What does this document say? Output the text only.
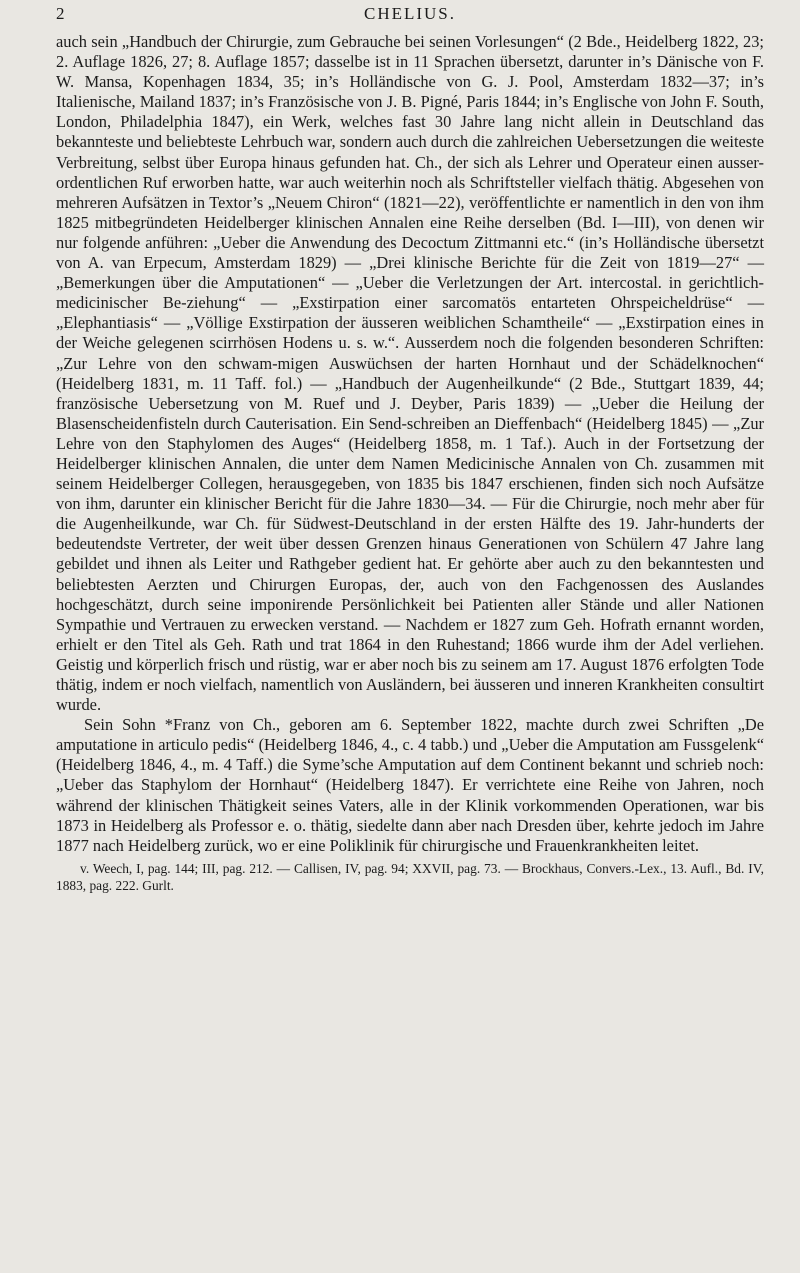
2	CHELIUS.

auch sein „Handbuch der Chirurgie, zum Gebrauche bei seinen Vorlesungen“ (2 Bde., Heidelberg 1822, 23; 2. Auflage 1826, 27; 8. Auflage 1857; dasselbe ist in 11 Sprachen übersetzt, darunter in’s Dänische von F. W. Mansa, Kopenhagen 1834, 35; in’s Holländische von G. J. Pool, Amsterdam 1832—37; in’s Italienische, Mailand 1837; in’s Französische von J. B. Pigné, Paris 1844; in’s Englische von John F. South, London, Philadelphia 1847), ein Werk, welches fast 30 Jahre lang nicht allein in Deutschland das bekannteste und beliebteste Lehrbuch war, sondern auch durch die zahlreichen Uebersetzungen die weiteste Verbreitung, selbst über Europa hinaus gefunden hat. Ch., der sich als Lehrer und Operateur einen ausser-ordentlichen Ruf erworben hatte, war auch weiterhin noch als Schriftsteller vielfach thätig. Abgesehen von mehreren Aufsätzen in Textor’s „Neuem Chiron“ (1821—22), veröffentlichte er namentlich in den von ihm 1825 mitbegründeten Heidelberger klinischen Annalen eine Reihe derselben (Bd. I—III), von denen wir nur folgende anführen: „Ueber die Anwendung des Decoctum Zittmanni etc.“ (in’s Holländische übersetzt von A. van Erpecum, Amsterdam 1829) — „Drei klinische Berichte für die Zeit von 1819—27“ — „Bemerkungen über die Amputationen“ — „Ueber die Verletzungen der Art. intercostal. in gerichtlich-medicinischer Be-ziehung“ — „Exstirpation einer sarcomatös entarteten Ohrspeicheldrüse“ — „Elephantiasis“ — „Völlige Exstirpation der äusseren weiblichen Schamtheile“ — „Exstirpation eines in der Weiche gelegenen scirrhösen Hodens u. s. w.“. Ausserdem noch die folgenden besonderen Schriften: „Zur Lehre von den schwam-migen Auswüchsen der harten Hornhaut und der Schädelknochen“ (Heidelberg 1831, m. 11 Taff. fol.) — „Handbuch der Augenheilkunde“ (2 Bde., Stuttgart 1839, 44; französische Uebersetzung von M. Ruef und J. Deyber, Paris 1839) — „Ueber die Heilung der Blasenscheidenfisteln durch Cauterisation. Ein Send-schreiben an Dieffenbach“ (Heidelberg 1845) — „Zur Lehre von den Staphylomen des Auges“ (Heidelberg 1858, m. 1 Taf.). Auch in der Fortsetzung der Heidelberger klinischen Annalen, die unter dem Namen Medicinische Annalen von Ch. zusammen mit seinem Heidelberger Collegen, herausgegeben, von 1835 bis 1847 erschienen, finden sich noch Aufsätze von ihm, darunter ein klinischer Bericht für die Jahre 1830—34. — Für die Chirurgie, noch mehr aber für die Augenheilkunde, war Ch. für Südwest-Deutschland in der ersten Hälfte des 19. Jahr-hunderts der bedeutendste Vertreter, der weit über dessen Grenzen hinaus Generationen von Schülern 47 Jahre lang gebildet und ihnen als Leiter und Rathgeber gedient hat. Er gehörte aber auch zu den bekanntesten und beliebtesten Aerzten und Chirurgen Europas, der, auch von den Fachgenossen des Auslandes hochgeschätzt, durch seine imponirende Persönlichkeit bei Patienten aller Stände und aller Nationen Sympathie und Vertrauen zu erwecken verstand. — Nachdem er 1827 zum Geh. Hofrath ernannt worden, erhielt er den Titel als Geh. Rath und trat 1864 in den Ruhestand; 1866 wurde ihm der Adel verliehen. Geistig und körperlich frisch und rüstig, war er aber noch bis zu seinem am 17. August 1876 erfolgten Tode thätig, indem er noch vielfach, namentlich von Ausländern, bei äusseren und inneren Krankheiten consultirt wurde.

Sein Sohn *Franz von Ch., geboren am 6. September 1822, machte durch zwei Schriften „De amputatione in articulo pedis“ (Heidelberg 1846, 4., c. 4 tabb.) und „Ueber die Amputation am Fussgelenk“ (Heidelberg 1846, 4., m. 4 Taff.) die Syme’sche Amputation auf dem Continent bekannt und schrieb noch: „Ueber das Staphylom der Hornhaut“ (Heidelberg 1847). Er verrichtete eine Reihe von Jahren, noch während der klinischen Thätigkeit seines Vaters, alle in der Klinik vorkommenden Operationen, war bis 1873 in Heidelberg als Professor e. o. thätig, siedelte dann aber nach Dresden über, kehrte jedoch im Jahre 1877 nach Heidelberg zurück, wo er eine Poliklinik für chirurgische und Frauenkrankheiten leitet.

v. Weech, I, pag. 144; III, pag. 212. — Callisen, IV, pag. 94; XXVII, pag. 73. — Brockhaus, Convers.-Lex., 13. Aufl., Bd. IV, 1883, pag. 222. Gurlt.
